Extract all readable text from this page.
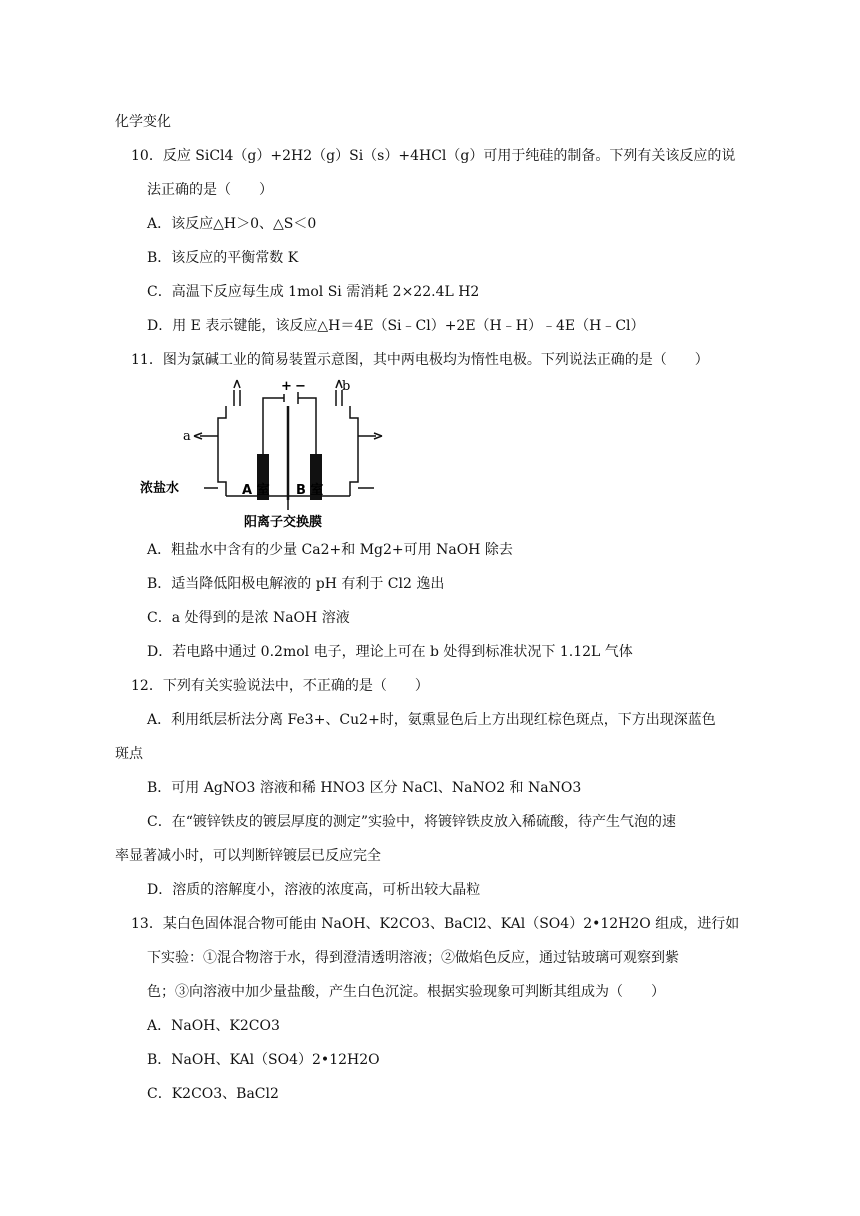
化学变化
10．反应 SiCl4（g）+2H2（g）Si（s）+4HCl（g）可用于纯硅的制备。下列有关该反应的说
法正确的是（　　）
A．该反应△H＞0、△S＜0
B．该反应的平衡常数 K
C．高温下反应每生成 1mol Si 需消耗 2×22.4L H2
D．用 E 表示键能，该反应△H＝4E（Si﹣Cl）+2E（H﹣H）﹣4E（H﹣Cl）
11．图为氯碱工业的简易装置示意图，其中两电极均为惰性电极。下列说法正确的是（　　）
+ −
a
b
浓盐水	A 室 B 室
阳离子交换膜
A．粗盐水中含有的少量 Ca2+和 Mg2+可用 NaOH 除去
B．适当降低阳极电解液的 pH 有利于 Cl2 逸出
C．a 处得到的是浓 NaOH 溶液
D．若电路中通过 0.2mol 电子，理论上可在 b 处得到标准状况下 1.12L 气体
12．下列有关实验说法中，不正确的是（　　）
A．利用纸层析法分离 Fe3+、Cu2+时，氨熏显色后上方出现红棕色斑点，下方出现深蓝色
斑点
B．可用 AgNO3 溶液和稀 HNO3 区分 NaCl、NaNO2 和 NaNO3
C．在“镀锌铁皮的镀层厚度的测定”实验中，将镀锌铁皮放入稀硫酸，待产生气泡的速
率显著减小时，可以判断锌镀层已反应完全
D．溶质的溶解度小，溶液的浓度高，可析出较大晶粒
13．某白色固体混合物可能由 NaOH、K2CO3、BaCl2、KAl（SO4）2•12H2O 组成，进行如
下实验：①混合物溶于水，得到澄清透明溶液；②做焰色反应，通过钴玻璃可观察到紫
色；③向溶液中加少量盐酸，产生白色沉淀。根据实验现象可判断其组成为（　　）
A．NaOH、K2CO3
B．NaOH、KAl（SO4）2•12H2O
C．K2CO3、BaCl2
